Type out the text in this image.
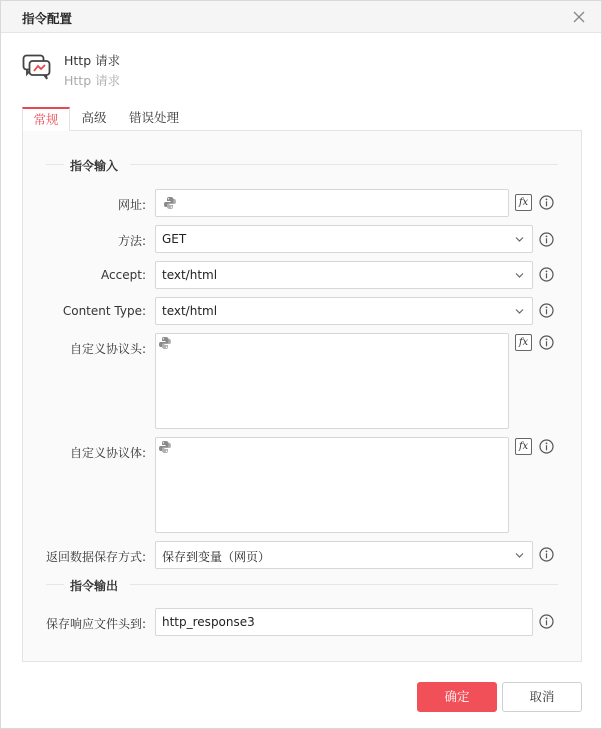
指令配置
Http 请求
Http 请求
常规	高级	错误处理
指令输入
网址:	fx
方法: GET
Accept: text/html
Content Type: text/html
自定义协议头:	fx
自定义协议体:	fx
返回数据保存方式: 保存到变量（网页）
指令输出
保存响应文件头到: http_response3
确定	取消
